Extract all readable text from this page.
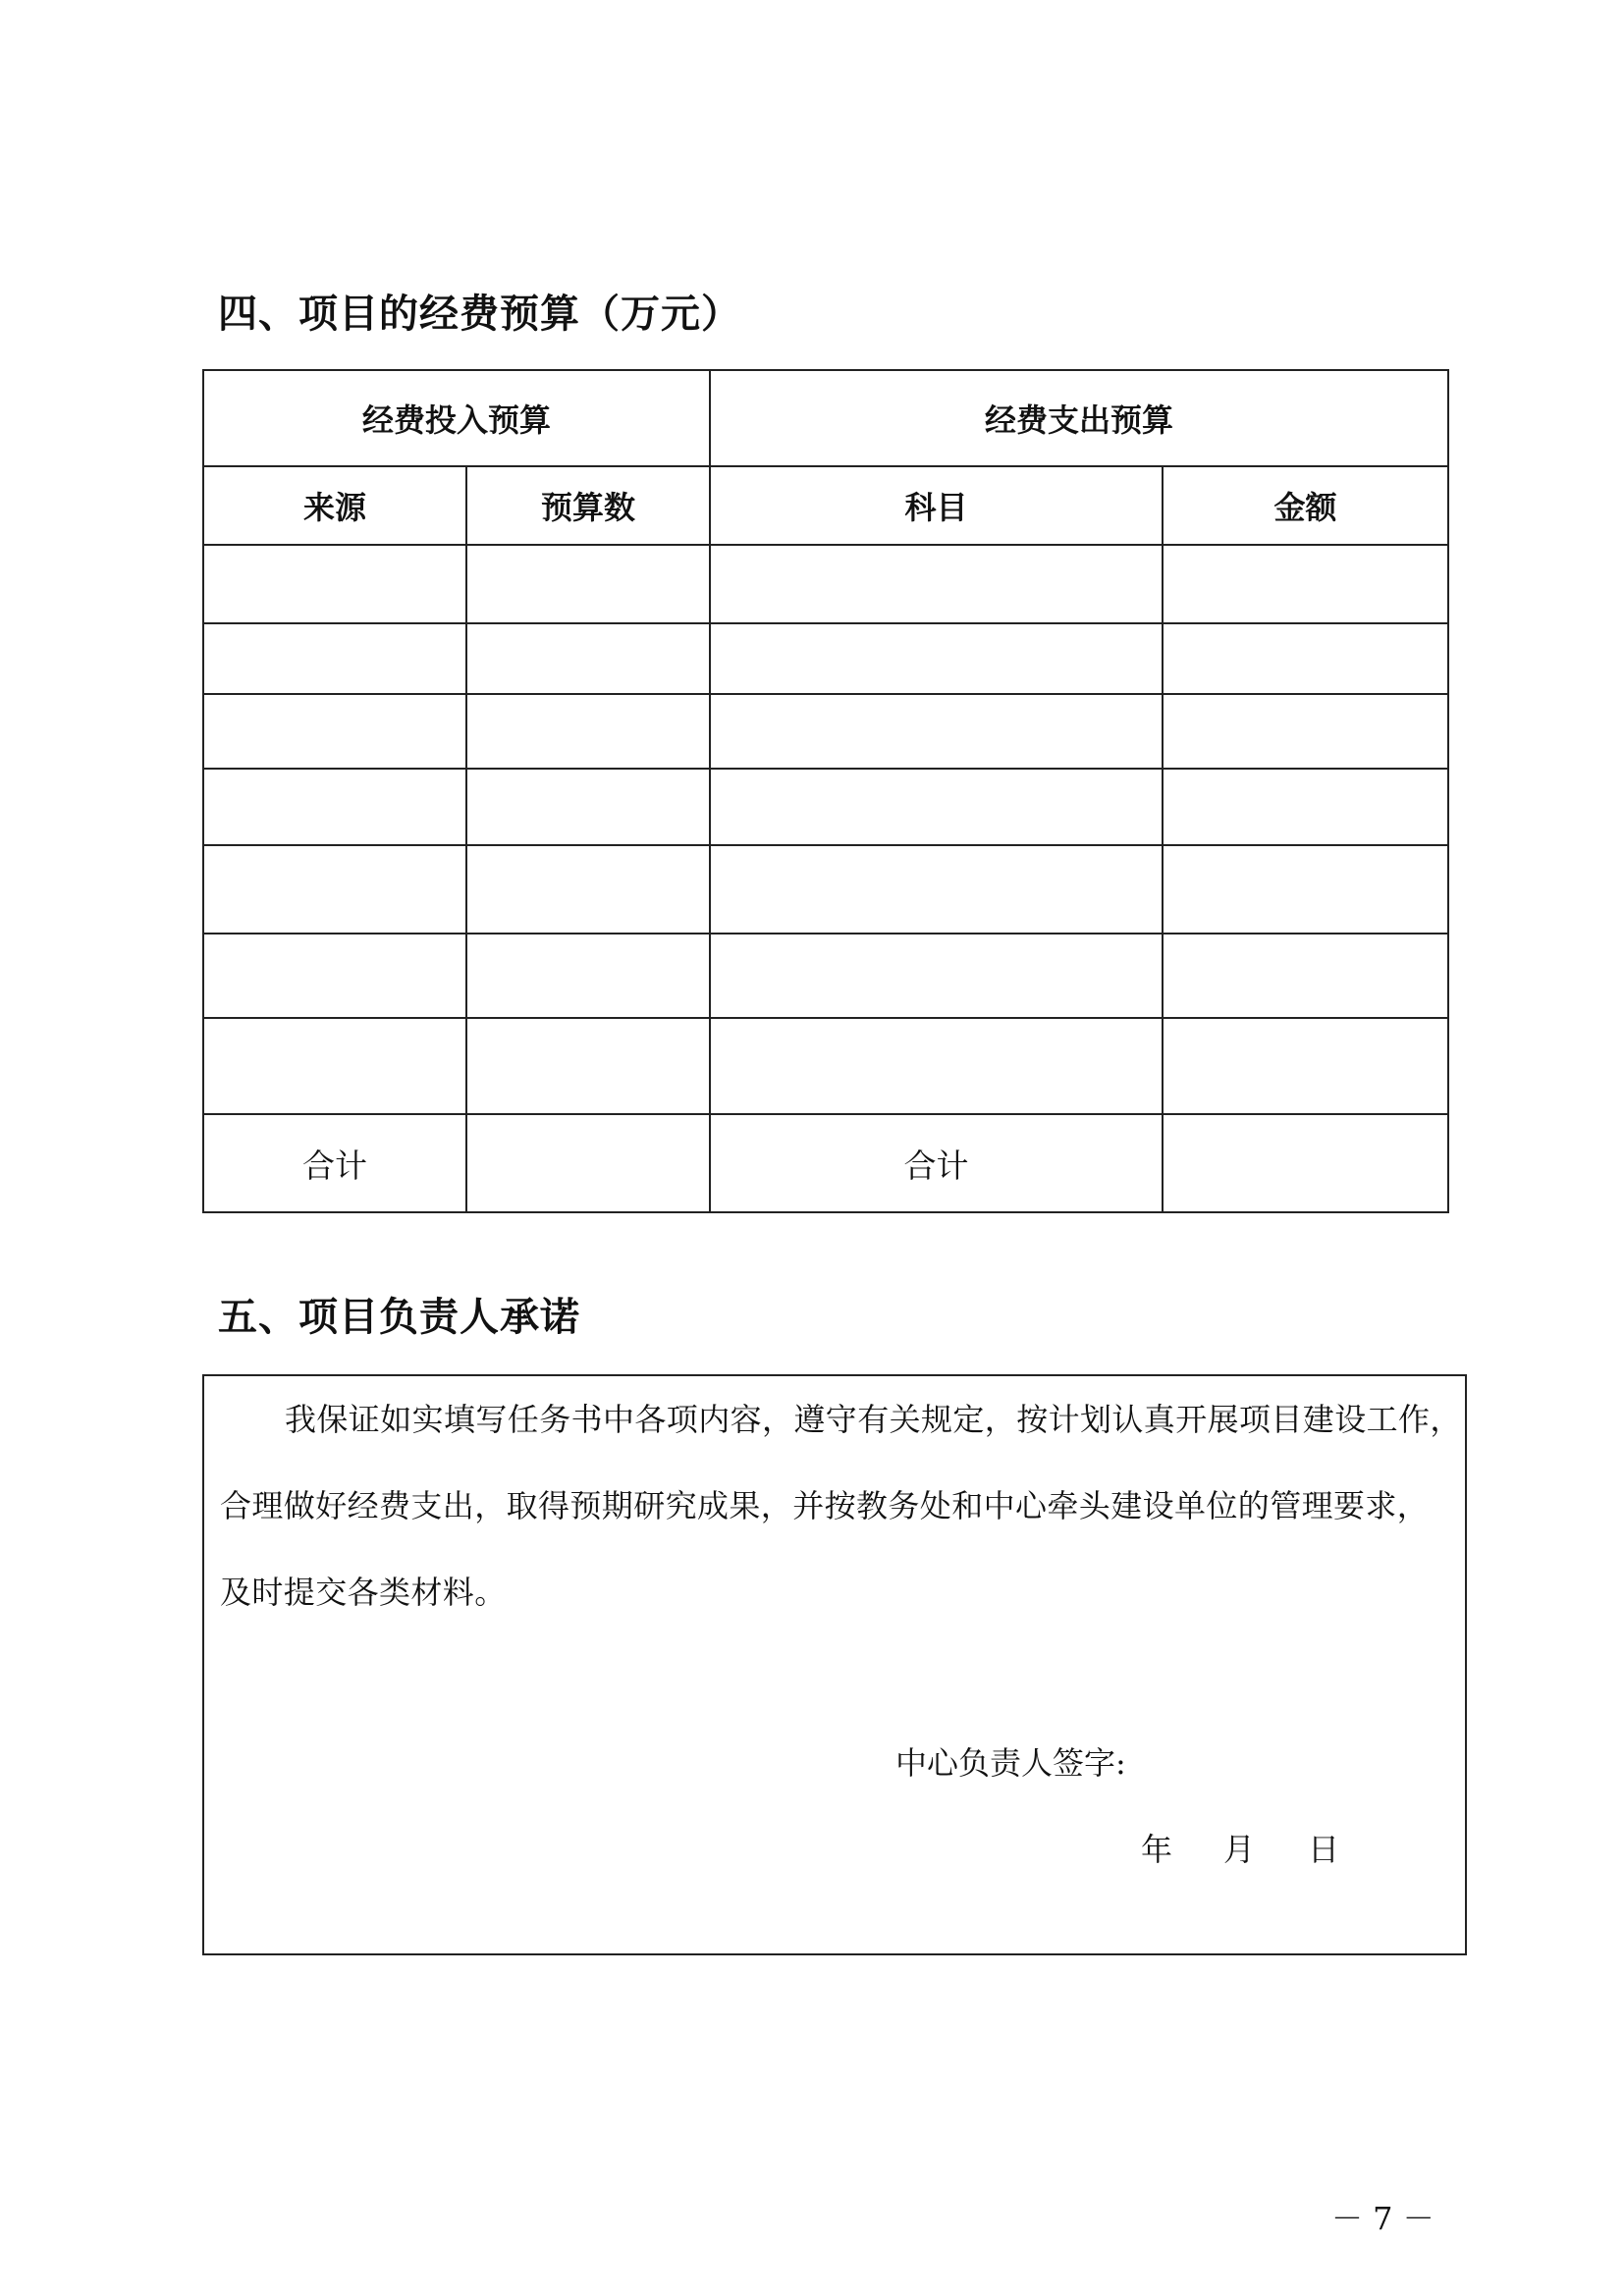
四、项目的经费预算（万元）
经费投入预算		经费支出预算	
来源	预算数	科目	金额

合计		合计	
五、项目负责人承诺
我保证如实填写任务书中各项内容，遵守有关规定，按计划认真开展项目建设工作，
合理做好经费支出，取得预期研究成果，并按教务处和中心牵头建设单位的管理要求，
及时提交各类材料。
中心负责人签字:
年 月 日
－ 7 －
